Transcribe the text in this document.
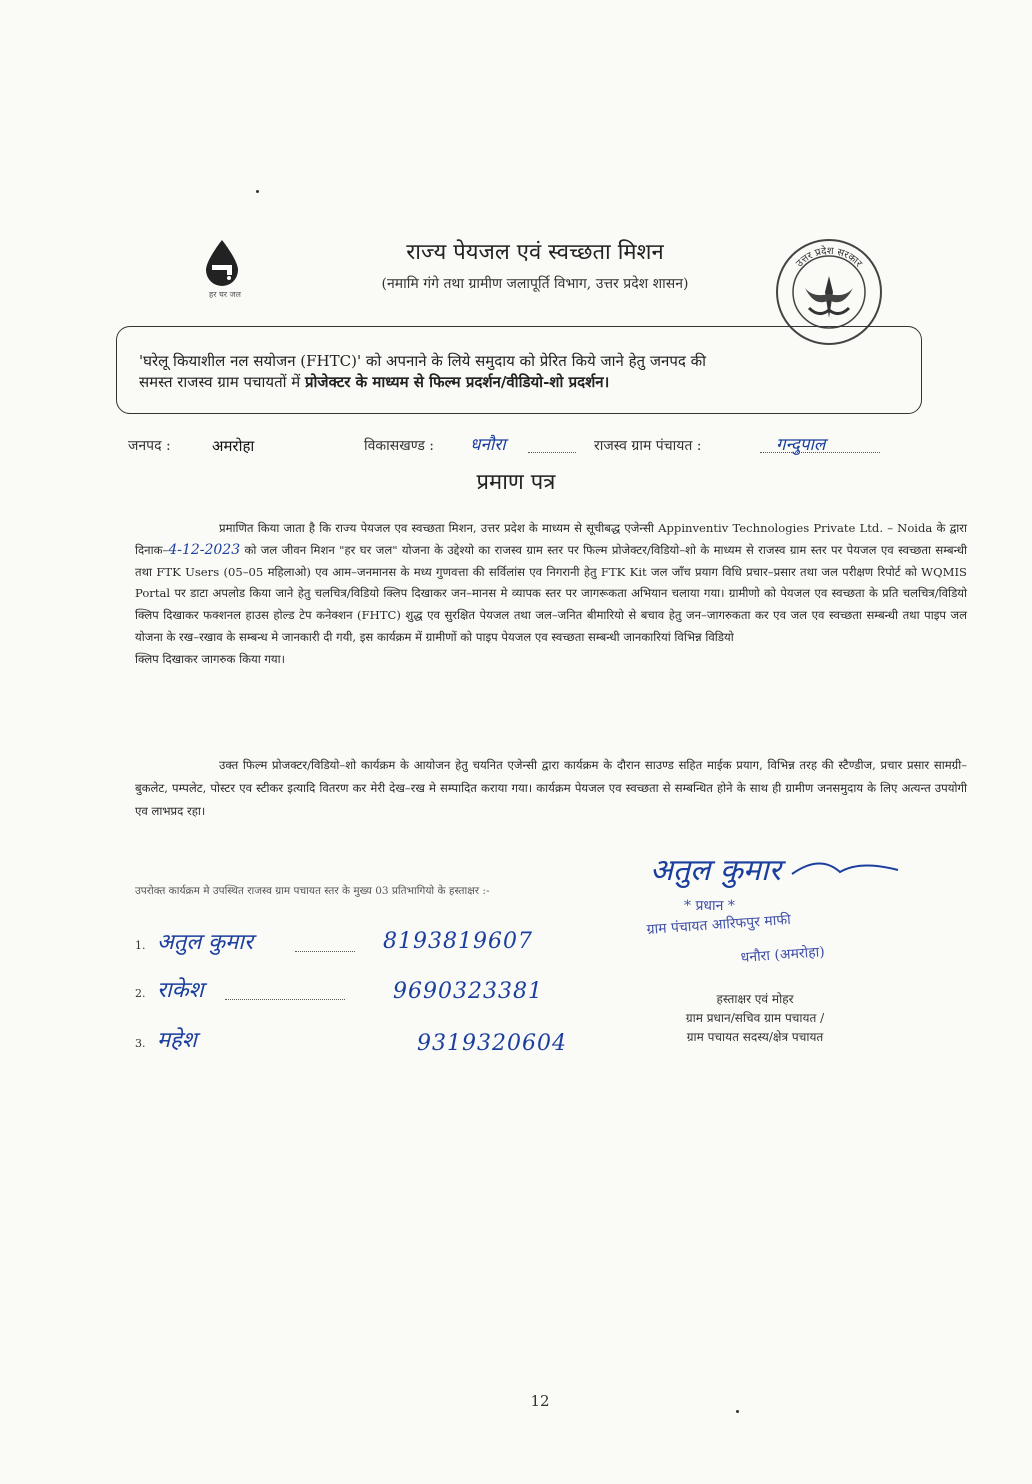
हर घर जल
राज्य पेयजल एवं स्वच्छता मिशन
(नमामि गंगे तथा ग्रामीण जलापूर्ति विभाग, उत्तर प्रदेश शासन)
उत्तर प्रदेश सरकार
'घरेलू कियाशील नल सयोजन (FHTC)' को अपनाने के लिये समुदाय को प्रेरित किये जाने हेतु जनपद की
समस्त राजस्व ग्राम पचायतों में प्रोजेक्टर के माध्यम से फिल्म प्रदर्शन/वीडियो-शो प्रदर्शन।
जनपद :	अमरोहा	विकासखण्ड : धनौरा	राजस्व ग्राम पंचायत :	गन्दुपाल
प्रमाण पत्र

प्रमाणित किया जाता है कि राज्य पेयजल एव स्वच्छता मिशन, उत्तर प्रदेश के माध्यम से सूचीबद्ध एजेन्सी Appinventiv Technologies Private Ltd. – Noida के द्वारा दिनाक–4-12-2023 को जल जीवन मिशन "हर घर जल" योजना के उद्देश्यो का राजस्व ग्राम स्तर पर फिल्म प्रोजेक्टर/विडियो–शो के माध्यम से राजस्व ग्राम स्तर पर पेयजल एव स्वच्छता सम्बन्धी तथा FTK Users (05–05 महिलाओ) एव आम–जनमानस के मध्य गुणवत्ता की सर्विलांस एव निगरानी हेतु FTK Kit जल जाँच प्रयाग विधि प्रचार–प्रसार तथा जल परीक्षण रिपोर्ट को WQMIS Portal पर डाटा अपलोड किया जाने हेतु चलचित्र/विडियो क्लिप दिखाकर जन–मानस मे व्यापक स्तर पर जागरूकता अभियान चलाया गया। ग्रामीणो को पेयजल एव स्वच्छता के प्रति चलचित्र/विडियो क्लिप दिखाकर फक्शनल हाउस होल्ड टेप कनेक्शन (FHTC) शुद्ध एव सुरक्षित पेयजल तथा जल–जनित बीमारियो से बचाव हेतु जन–जागरुकता कर एव जल एव स्वच्छता सम्बन्धी तथा पाइप जल योजना के रख–रखाव के सम्बन्ध मे जानकारी दी गयी, इस कार्यक्रम में ग्रामीणों को पाइप पेयजल एव स्वच्छता सम्बन्धी जानकारियां विभिन्न विडियो

क्लिप दिखाकर जागरुक किया गया।

उक्त फिल्म प्रोजक्टर/विडियो–शो कार्यक्रम के आयोजन हेतु चयनित एजेन्सी द्वारा कार्यक्रम के दौरान साउण्ड सहित माईक प्रयाग, विभिन्न तरह की स्टैण्डीज, प्रचार प्रसार सामग्री–बुकलेट, पम्पलेट, पोस्टर एव स्टीकर इत्यादि वितरण कर मेरी देख–रख मे सम्पादित कराया गया। कार्यक्रम पेयजल एव स्वच्छता से सम्बन्धित होने के साथ ही ग्रामीण जनसमुदाय के लिए अत्यन्त उपयोगी एव लाभप्रद रहा।

उपरोक्त कार्यक्रम मे उपस्थित राजस्व ग्राम पचायत स्तर के मुख्य 03 प्रतिभागियो के हस्ताक्षर :-
1. अतुल कुमार	8193819607
2. राकेश	9690323381
3. महेश	9319320604
अतुल कुमार
* प्रधान *
ग्राम पंचायत आरिफपुर माफी
धनौरा (अमरोहा)
हस्ताक्षर एवं मोहर
ग्राम प्रधान/सचिव ग्राम पचायत /
ग्राम पचायत सदस्य/क्षेत्र पचायत
12
